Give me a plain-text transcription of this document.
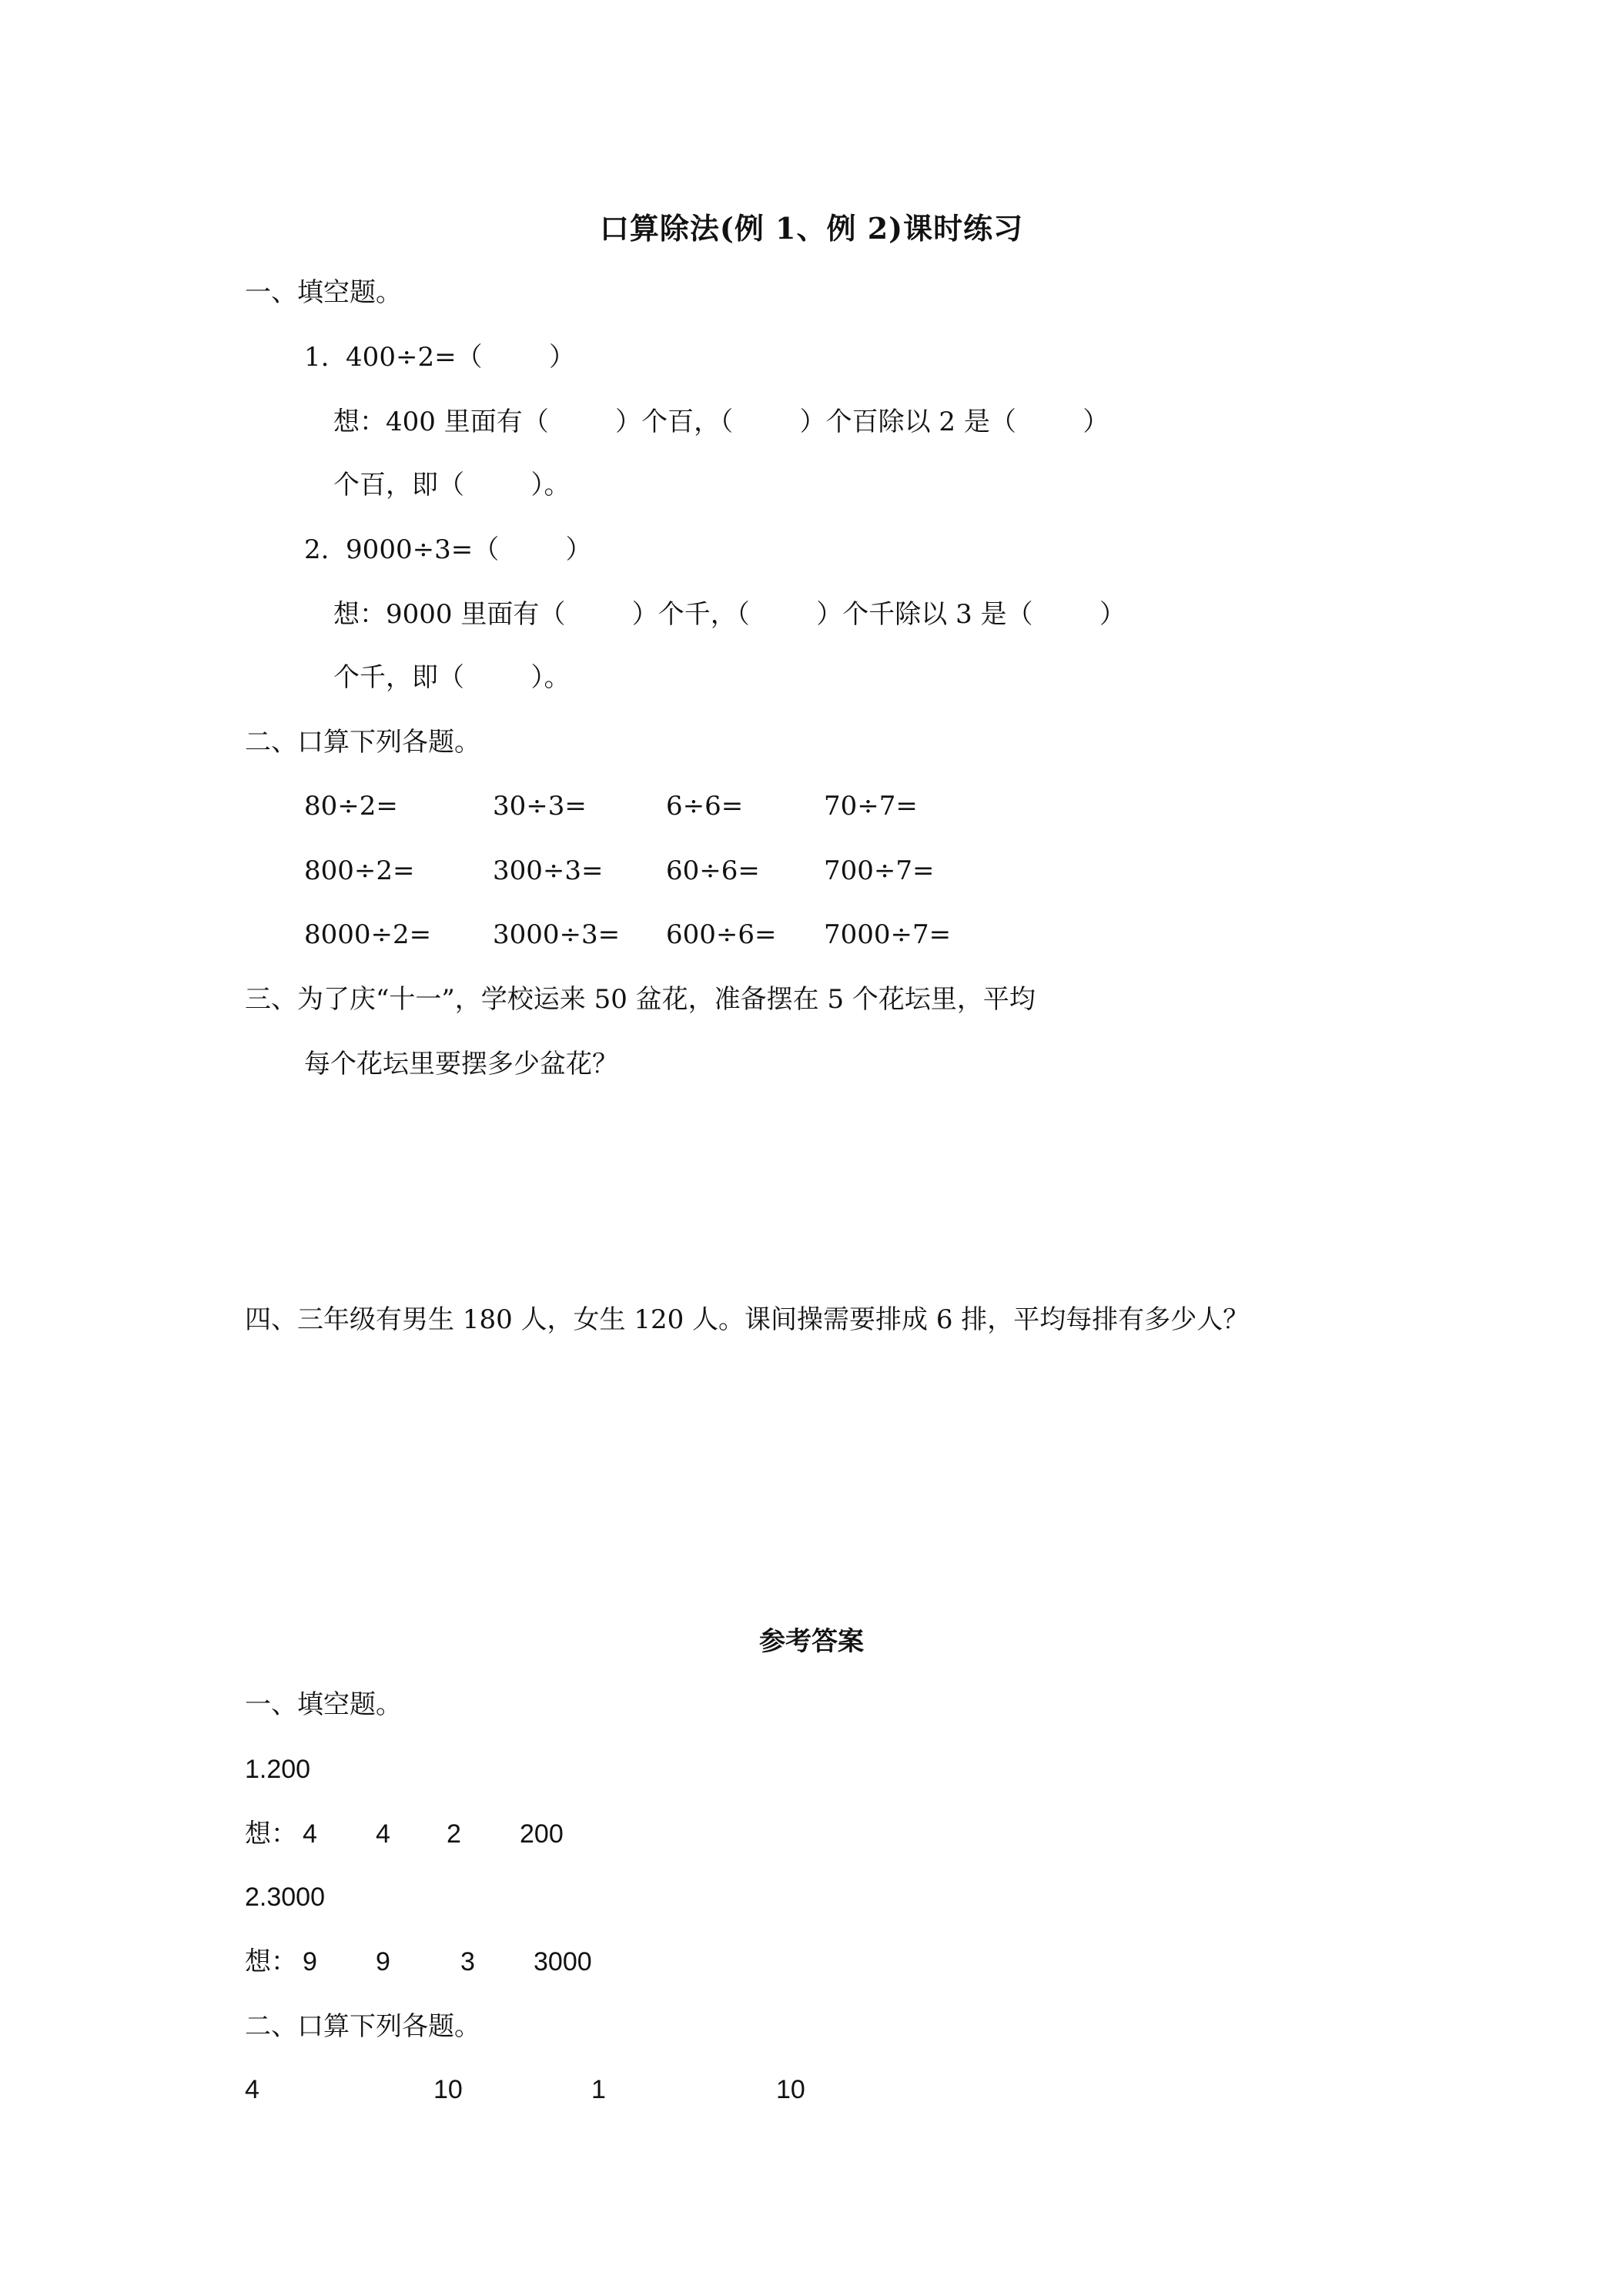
口算除法(例 1、例 2)课时练习
一、填空题。
1.  400÷2=（        ）
想：400 里面有（        ）个百，（        ）个百除以 2 是（        ）
个百，即（        ）。
2.  9000÷3=（        ）
想：9000 里面有（        ）个千，（        ）个千除以 3 是（        ）
个千，即（        ）。
二、口算下列各题。
80÷2=	30÷3=	6÷6=	70÷7=
800÷2=	300÷3= 60÷6= 700÷7=
8000÷2= 3000÷3= 600÷6= 7000÷7=
三、为了庆“十一”，学校运来 50 盆花，准备摆在 5 个花坛里，平均
每个花坛里要摆多少盆花？
四、三年级有男生 180 人，女生 120 人。课间操需要排成 6 排，平均每排有多少人？
参考答案
一、填空题。
1.200
想： 4 4 2 200
2.3000
想： 9 9	3 3000
二、口算下列各题。
4	10	1	10
